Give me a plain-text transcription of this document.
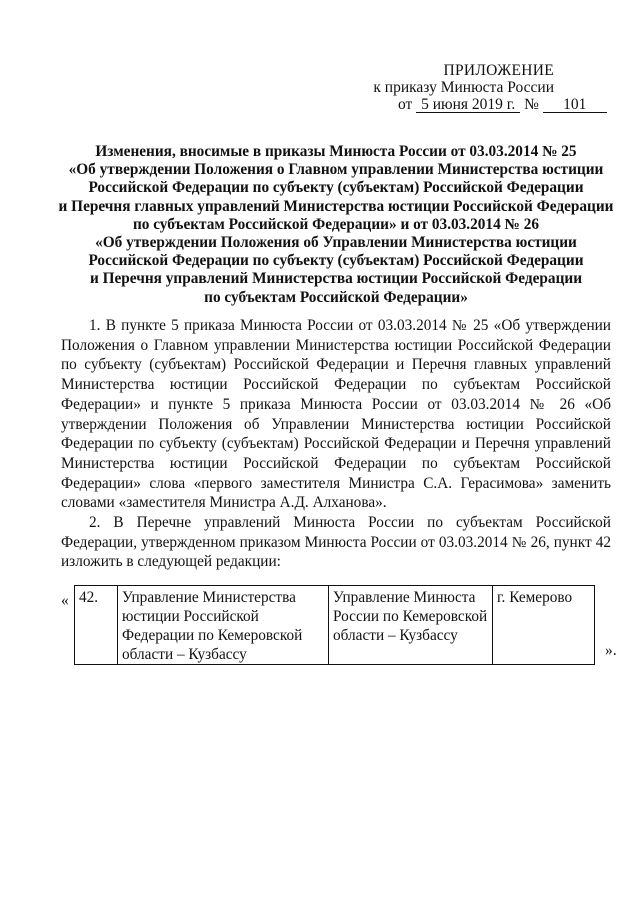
ПРИЛОЖЕНИЕ
к приказу Минюста России
от 5 июня 2019 г. № 101
Изменения, вносимые в приказы Минюста России от 03.03.2014 № 25
«Об утверждении Положения о Главном управлении Министерства юстиции
Российской Федерации по субъекту (субъектам) Российской Федерации
и Перечня главных управлений Министерства юстиции Российской Федерации
по субъектам Российской Федерации» и от 03.03.2014 № 26
«Об утверждении Положения об Управлении Министерства юстиции
Российской Федерации по субъекту (субъектам) Российской Федерации
и Перечня управлений Министерства юстиции Российской Федерации
по субъектам Российской Федерации»

1. В пункте 5 приказа Минюста России от 03.03.2014 № 25 «Об утверждении Положения о Главном управлении Министерства юстиции Российской Федерации по субъекту (субъектам) Российской Федерации и Перечня главных управлений Министерства юстиции Российской Федерации по субъектам Российской Федерации» и пункте 5 приказа Минюста России от 03.03.2014 № 26 «Об утверждении Положения об Управлении Министерства юстиции Российской Федерации по субъекту (субъектам) Российской Федерации и Перечня управлений Министерства юстиции Российской Федерации по субъектам Российской Федерации» слова «первого заместителя Министра С.А. Герасимова» заменить словами «заместителя Министра А.Д. Алханова».

2. В Перечне управлений Минюста России по субъектам Российской Федерации, утвержденном приказом Минюста России от 03.03.2014 № 26, пункт 42 изложить в следующей редакции:

« 42.	Управление Министерства юстиции Российской Федерации по Кемеровской области – Кузбассу	Управление Минюста России по Кемеровской области – Кузбассу	г. Кемерово
».
